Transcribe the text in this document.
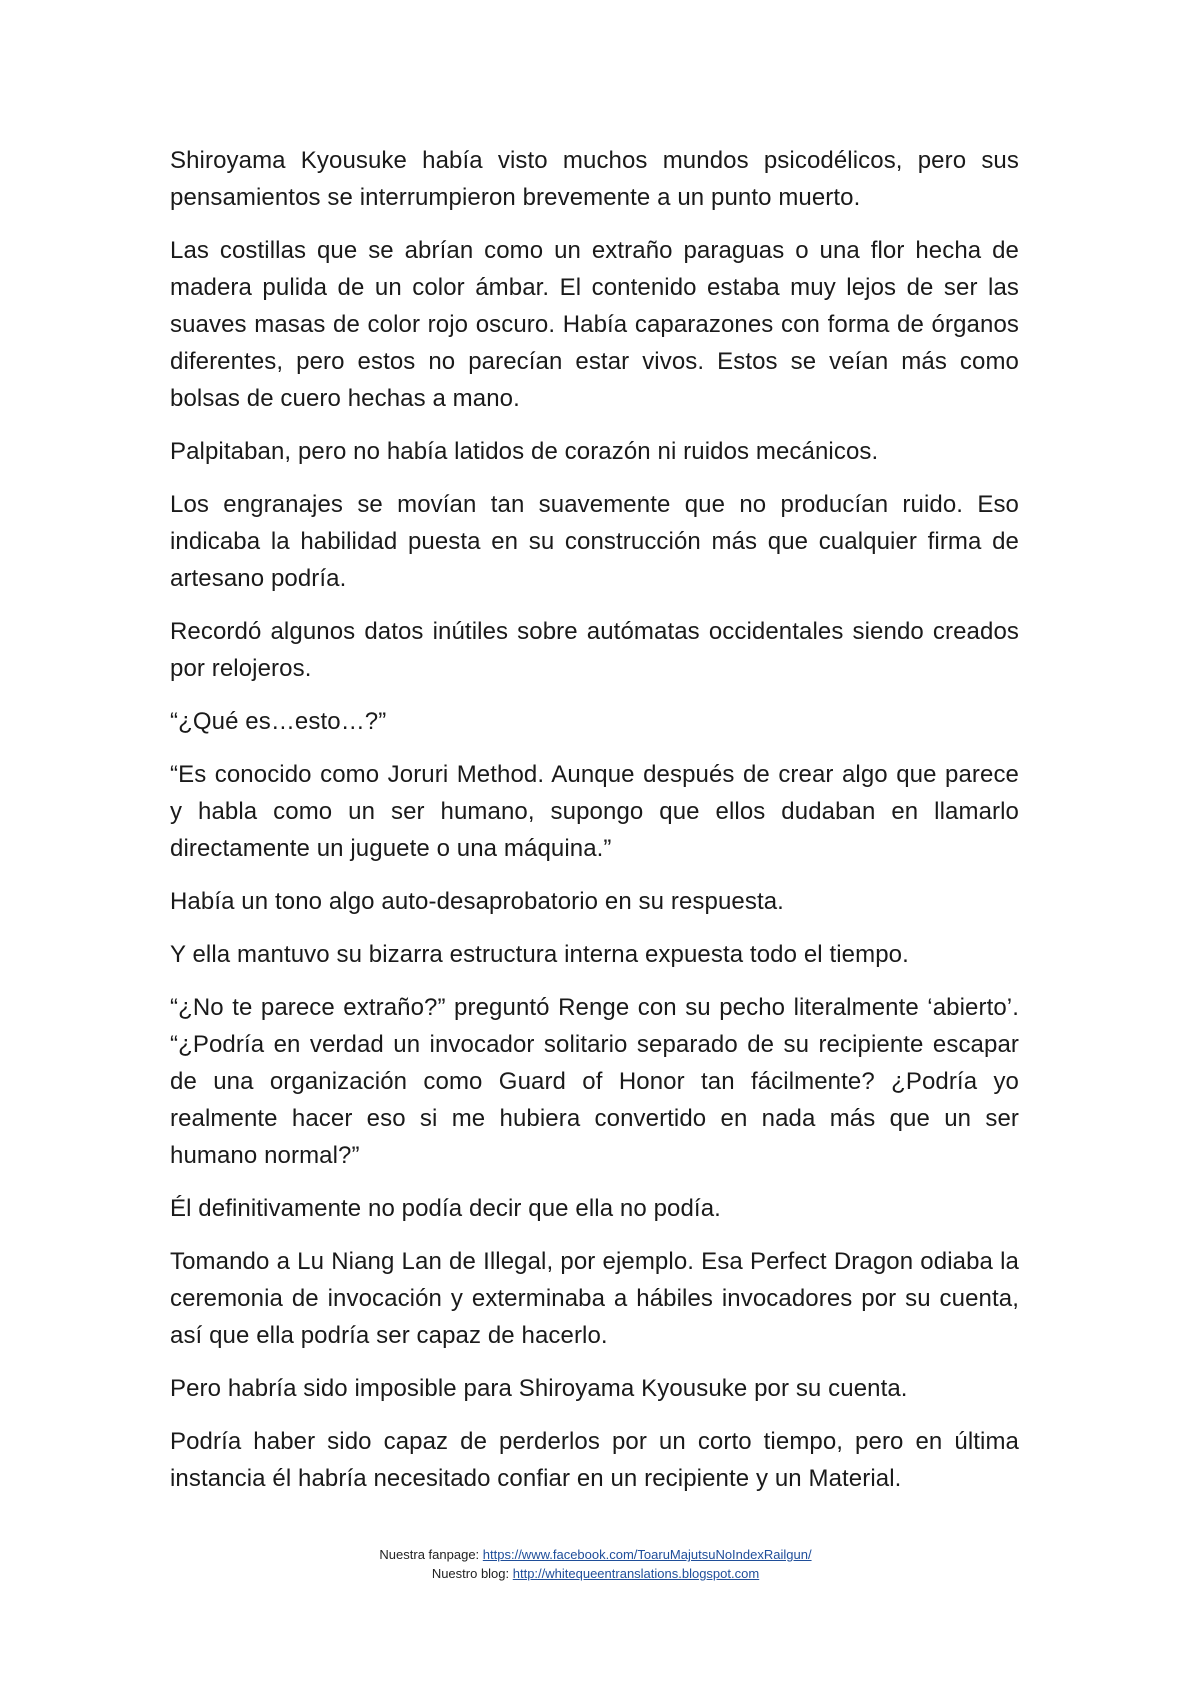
Shiroyama Kyousuke había visto muchos mundos psicodélicos, pero sus pensamientos se interrumpieron brevemente a un punto muerto.

Las costillas que se abrían como un extraño paraguas o una flor hecha de madera pulida de un color ámbar. El contenido estaba muy lejos de ser las suaves masas de color rojo oscuro. Había caparazones con forma de órganos diferentes, pero estos no parecían estar vivos. Estos se veían más como bolsas de cuero hechas a mano.

Palpitaban, pero no había latidos de corazón ni ruidos mecánicos.

Los engranajes se movían tan suavemente que no producían ruido. Eso indicaba la habilidad puesta en su construcción más que cualquier firma de artesano podría.

Recordó algunos datos inútiles sobre autómatas occidentales siendo creados por relojeros.

“¿Qué es…esto…?”

“Es conocido como Joruri Method. Aunque después de crear algo que parece y habla como un ser humano, supongo que ellos dudaban en llamarlo directamente un juguete o una máquina.”

Había un tono algo auto-desaprobatorio en su respuesta.

Y ella mantuvo su bizarra estructura interna expuesta todo el tiempo.

“¿No te parece extraño?” preguntó Renge con su pecho literalmente ‘abierto’. “¿Podría en verdad un invocador solitario separado de su recipiente escapar de una organización como Guard of Honor tan fácilmente? ¿Podría yo realmente hacer eso si me hubiera convertido en nada más que un ser humano normal?”

Él definitivamente no podía decir que ella no podía.

Tomando a Lu Niang Lan de Illegal, por ejemplo. Esa Perfect Dragon odiaba la ceremonia de invocación y exterminaba a hábiles invocadores por su cuenta, así que ella podría ser capaz de hacerlo.

Pero habría sido imposible para Shiroyama Kyousuke por su cuenta.

Podría haber sido capaz de perderlos por un corto tiempo, pero en última instancia él habría necesitado confiar en un recipiente y un Material.

Nuestra fanpage: https://www.facebook.com/ToaruMajutsuNoIndexRailgun/
Nuestro blog: http://whitequeentranslations.blogspot.com
